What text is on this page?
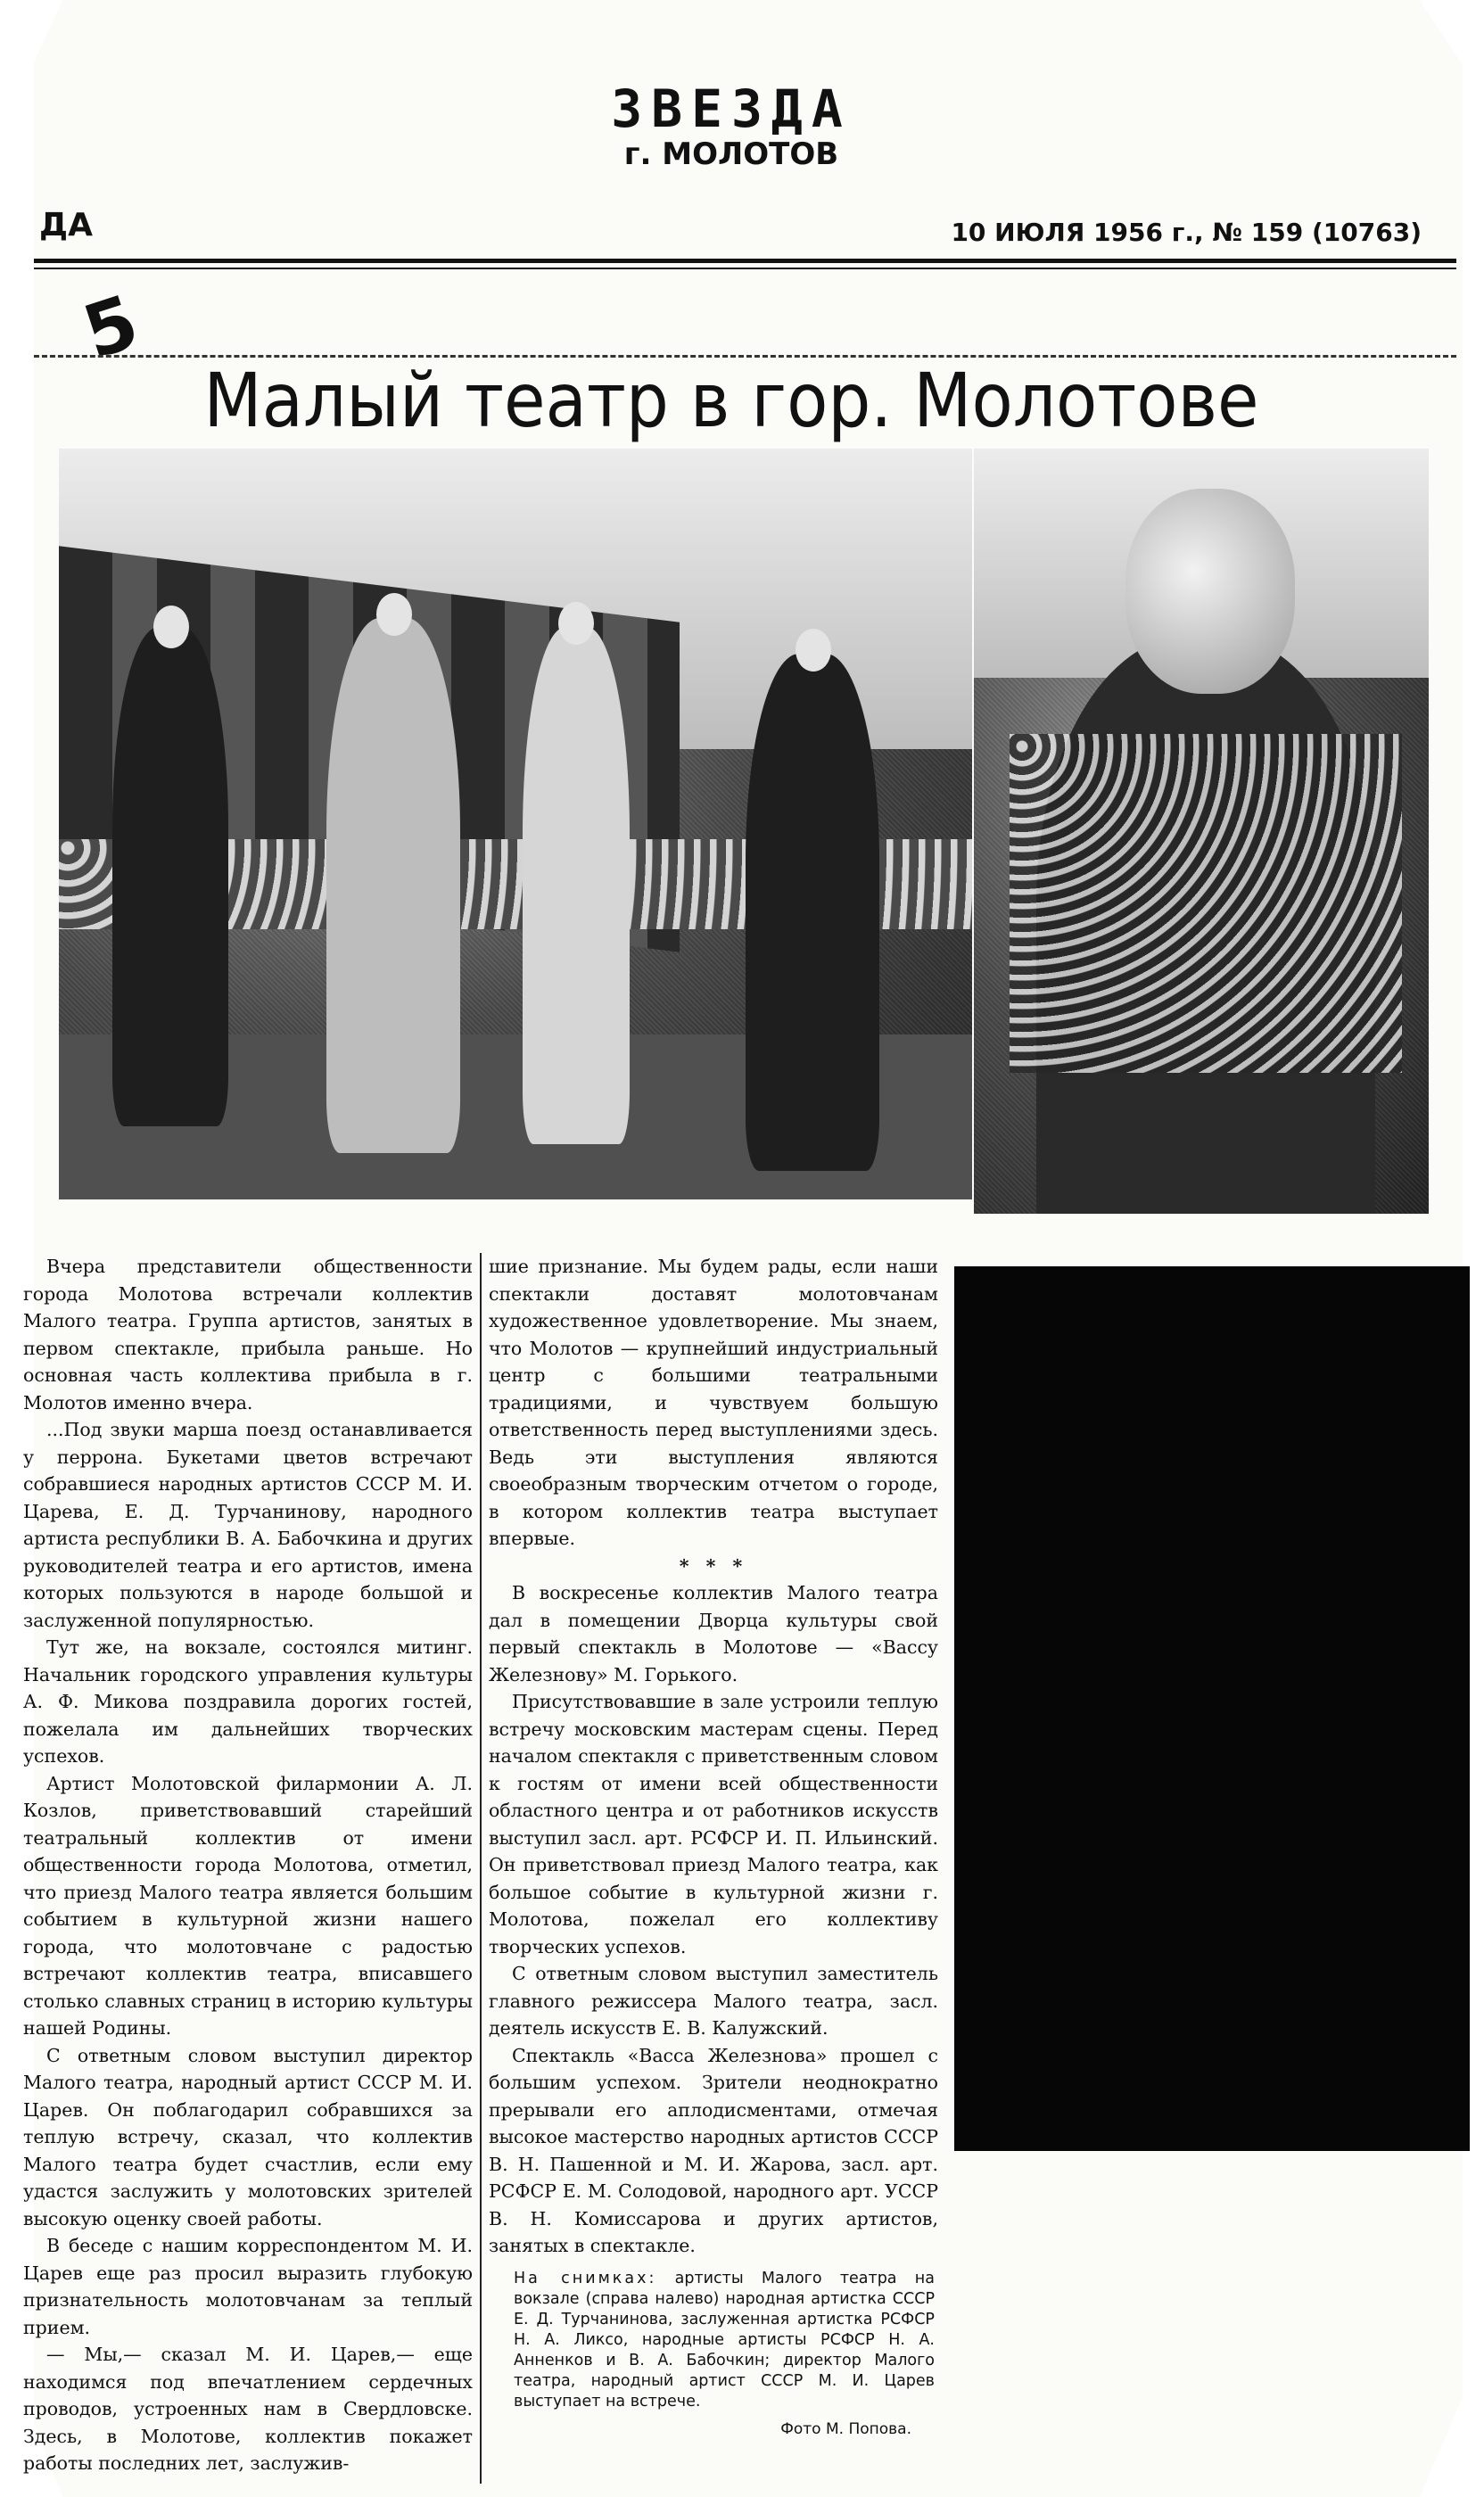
ЗВЕЗДА
г. МОЛОТОВ
ДА	10 ИЮЛЯ 1956 г., № 159 (10763)
5
Малый театр в гор. Молотове

Вчера представители общественности города Молотова встречали коллектив Малого театра. Группа артистов, занятых в первом спектакле, прибыла раньше. Но основная часть коллектива прибыла в г. Молотов именно вчера.

...Под звуки марша поезд останавливается у перрона. Букетами цветов встречают собравшиеся народных артистов СССР М. И. Царева, Е. Д. Турчанинову, народного артиста республики В. А. Бабочкина и других руководителей театра и его артистов, имена которых пользуются в народе большой и заслуженной популярностью.

Тут же, на вокзале, состоялся митинг. Начальник городского управления культуры А. Ф. Микова поздравила дорогих гостей, пожелала им дальнейших творческих успехов.

Артист Молотовской филармонии А. Л. Козлов, приветствовавший старейший театральный коллектив от имени общественности города Молотова, отметил, что приезд Малого театра является большим событием в культурной жизни нашего города, что молотовчане с радостью встречают коллектив театра, вписавшего столько славных страниц в историю культуры нашей Родины.

С ответным словом выступил директор Малого театра, народный артист СССР М. И. Царев. Он поблагодарил собравшихся за теплую встречу, сказал, что коллектив Малого театра будет счастлив, если ему удастся заслужить у молотовских зрителей высокую оценку своей работы.

В беседе с нашим корреспондентом М. И. Царев еще раз просил выразить глубокую признательность молотовчанам за теплый прием.

— Мы,— сказал М. И. Царев,— еще находимся под впечатлением сердечных проводов, устроенных нам в Свердловске. Здесь, в Молотове, коллектив покажет работы последних лет, заслужив-

шие признание. Мы будем рады, если наши спектакли доставят молотовчанам художественное удовлетворение. Мы знаем, что Молотов — крупнейший индустриальный центр с большими театральными традициями, и чувствуем большую ответственность перед выступлениями здесь. Ведь эти выступления являются своеобразным творческим отчетом о городе, в котором коллектив театра выступает впервые.

* * *

В воскресенье коллектив Малого театра дал в помещении Дворца культуры свой первый спектакль в Молотове — «Вассу Железнову» М. Горького.

Присутствовавшие в зале устроили теплую встречу московским мастерам сцены. Перед началом спектакля с приветственным словом к гостям от имени всей общественности областного центра и от работников искусств выступил засл. арт. РСФСР И. П. Ильинский. Он приветствовал приезд Малого театра, как большое событие в культурной жизни г. Молотова, пожелал его коллективу творческих успехов.

С ответным словом выступил заместитель главного режиссера Малого театра, засл. деятель искусств Е. В. Калужский.

Спектакль «Васса Железнова» прошел с большим успехом. Зрители неоднократно прерывали его аплодисментами, отмечая высокое мастерство народных артистов СССР В. Н. Пашенной и М. И. Жарова, засл. арт. РСФСР Е. М. Солодовой, народного арт. УССР В. Н. Комиссарова и других артистов, занятых в спектакле.

На снимках: артисты Малого театра на вокзале (справа налево) народная артистка СССР Е. Д. Турчанинова, заслуженная артистка РСФСР Н. А. Ликсо, народные артисты РСФСР Н. А. Анненков и В. А. Бабочкин; директор Малого театра, народный артист СССР М. И. Царев выступает на встрече.

Фото М. Попова.
